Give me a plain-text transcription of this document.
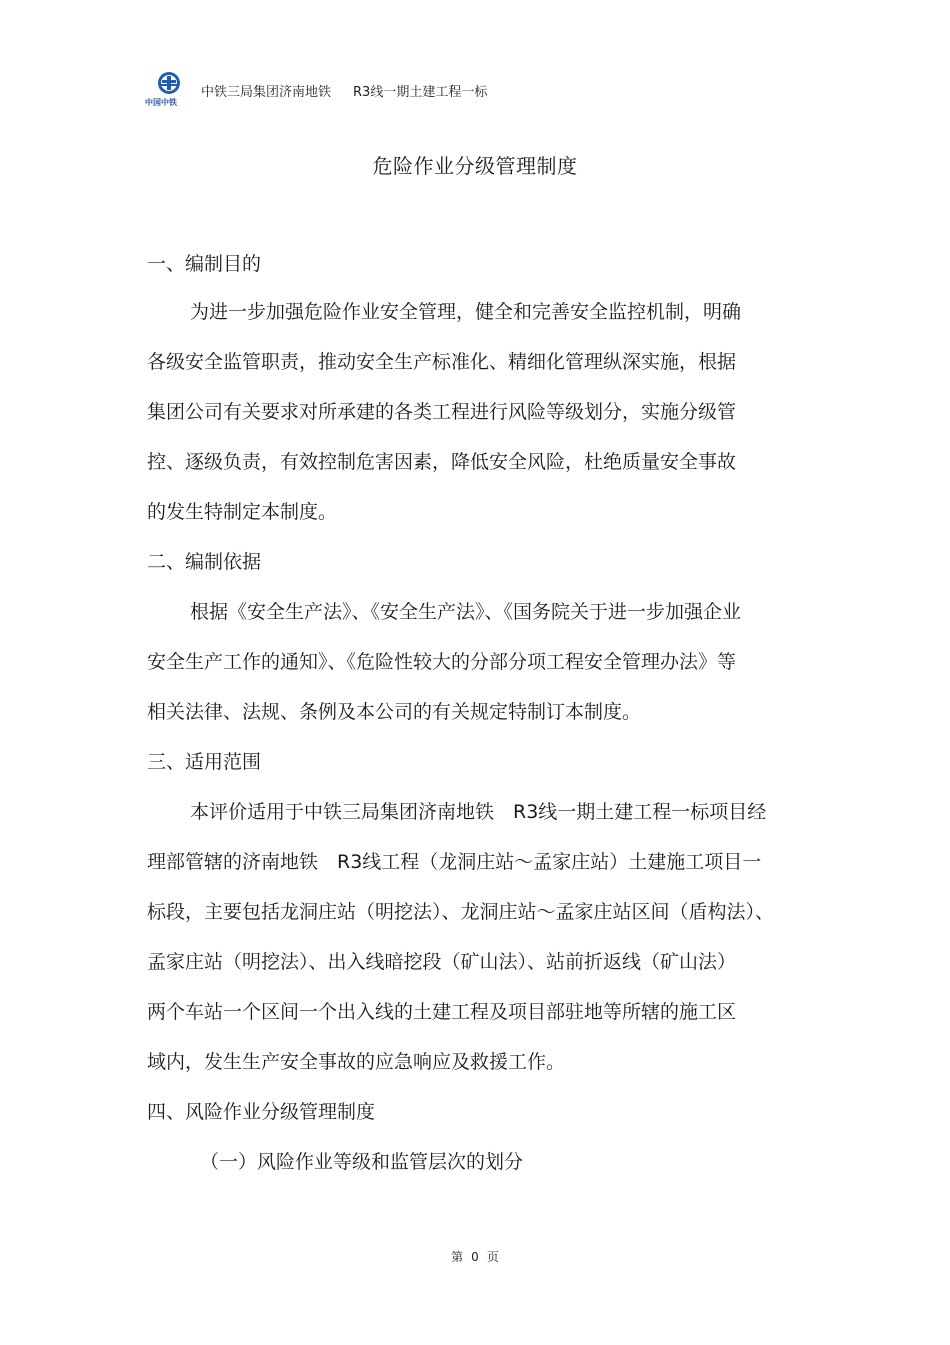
中国中铁
中铁三局集团济南地铁 R3线一期土建工程一标
危险作业分级管理制度
一、编制目的
为进一步加强危险作业安全管理，健全和完善安全监控机制，明确
各级安全监管职责，推动安全生产标准化、精细化管理纵深实施，根据
集团公司有关要求对所承建的各类工程进行风险等级划分，实施分级管
控、逐级负责，有效控制危害因素，降低安全风险，杜绝质量安全事故
的发生特制定本制度。
二、编制依据
根据《安全生产法》、《安全生产法》、《国务院关于进一步加强企业
安全生产工作的通知》、《危险性较大的分部分项工程安全管理办法》等
相关法律、法规、条例及本公司的有关规定特制订本制度。
三、适用范围
本评价适用于中铁三局集团济南地铁　R3线一期土建工程一标项目经
理部管辖的济南地铁　R3线工程（龙洞庄站～孟家庄站）土建施工项目一
标段，主要包括龙洞庄站（明挖法）、龙洞庄站～孟家庄站区间（盾构法）、
孟家庄站（明挖法）、出入线暗挖段（矿山法）、站前折返线（矿山法）
两个车站一个区间一个出入线的土建工程及项目部驻地等所辖的施工区
域内，发生生产安全事故的应急响应及救援工作。
四、风险作业分级管理制度
（一）风险作业等级和监管层次的划分
第 0 页
